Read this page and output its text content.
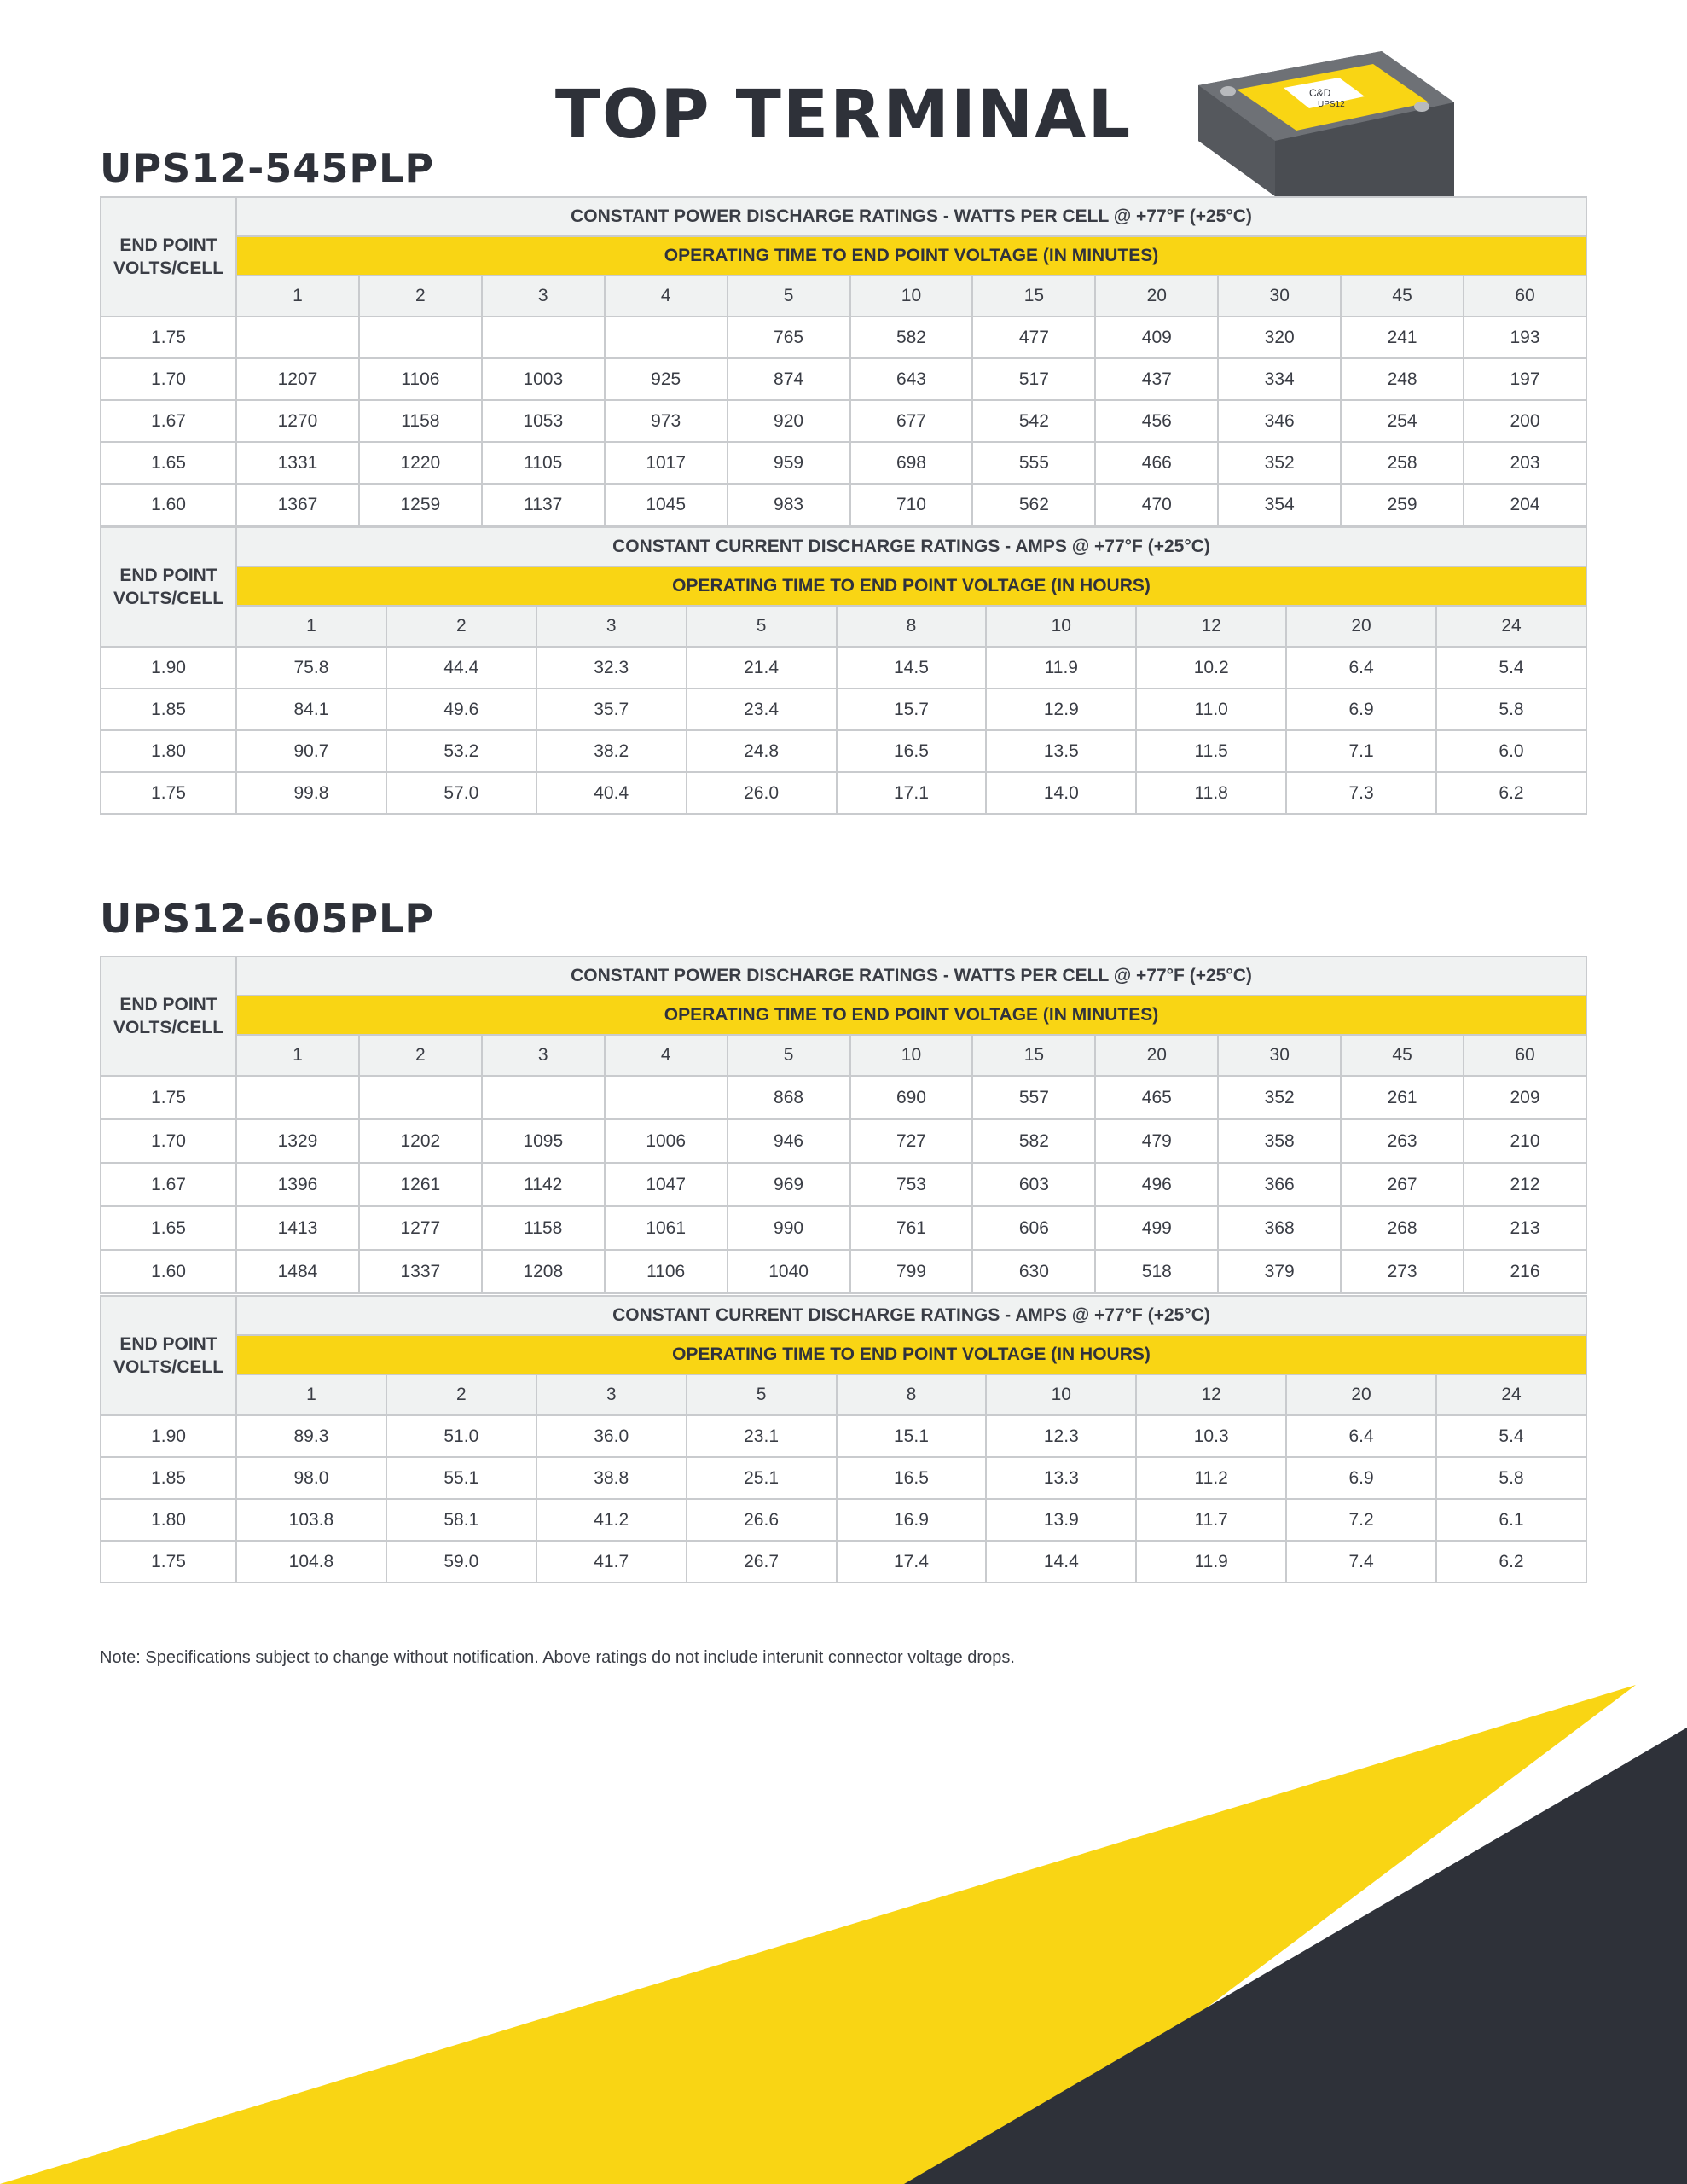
TOP TERMINAL	C&D
UPS12
UPS12-545PLP
END POINT VOLTS/CELL	CONSTANT POWER DISCHARGE RATINGS - WATTS PER CELL @ +77°F (+25°C)										
	OPERATING TIME TO END POINT VOLTAGE (IN MINUTES)										
	1	2	3	4	5	10	15	20	30	45	60
1.75					765	582	477	409	320	241	193
1.70	1207	1106	1003	925	874	643	517	437	334	248	197
1.67	1270	1158	1053	973	920	677	542	456	346	254	200
1.65	1331	1220	1105	1017	959	698	555	466	352	258	203
1.60	1367	1259	1137	1045	983	710	562	470	354	259	204
END POINT VOLTS/CELL	CONSTANT CURRENT DISCHARGE RATINGS - AMPS @ +77°F (+25°C)								
	OPERATING TIME TO END POINT VOLTAGE (IN HOURS)								
	1	2	3	5	8	10	12	20	24
1.90	75.8	44.4	32.3	21.4	14.5	11.9	10.2	6.4	5.4
1.85	84.1	49.6	35.7	23.4	15.7	12.9	11.0	6.9	5.8
1.80	90.7	53.2	38.2	24.8	16.5	13.5	11.5	7.1	6.0
1.75	99.8	57.0	40.4	26.0	17.1	14.0	11.8	7.3	6.2
UPS12-605PLP
END POINT VOLTS/CELL	CONSTANT POWER DISCHARGE RATINGS - WATTS PER CELL @ +77°F (+25°C)										
	OPERATING TIME TO END POINT VOLTAGE (IN MINUTES)										
	1	2	3	4	5	10	15	20	30	45	60
1.75					868	690	557	465	352	261	209
1.70	1329	1202	1095	1006	946	727	582	479	358	263	210
1.67	1396	1261	1142	1047	969	753	603	496	366	267	212
1.65	1413	1277	1158	1061	990	761	606	499	368	268	213
1.60	1484	1337	1208	1106	1040	799	630	518	379	273	216
END POINT VOLTS/CELL	CONSTANT CURRENT DISCHARGE RATINGS - AMPS @ +77°F (+25°C)								
	OPERATING TIME TO END POINT VOLTAGE (IN HOURS)								
	1	2	3	5	8	10	12	20	24
1.90	89.3	51.0	36.0	23.1	15.1	12.3	10.3	6.4	5.4
1.85	98.0	55.1	38.8	25.1	16.5	13.3	11.2	6.9	5.8
1.80	103.8	58.1	41.2	26.6	16.9	13.9	11.7	7.2	6.1
1.75	104.8	59.0	41.7	26.7	17.4	14.4	11.9	7.4	6.2
Note: Specifications subject to change without notification. Above ratings do not include interunit connector voltage drops.
